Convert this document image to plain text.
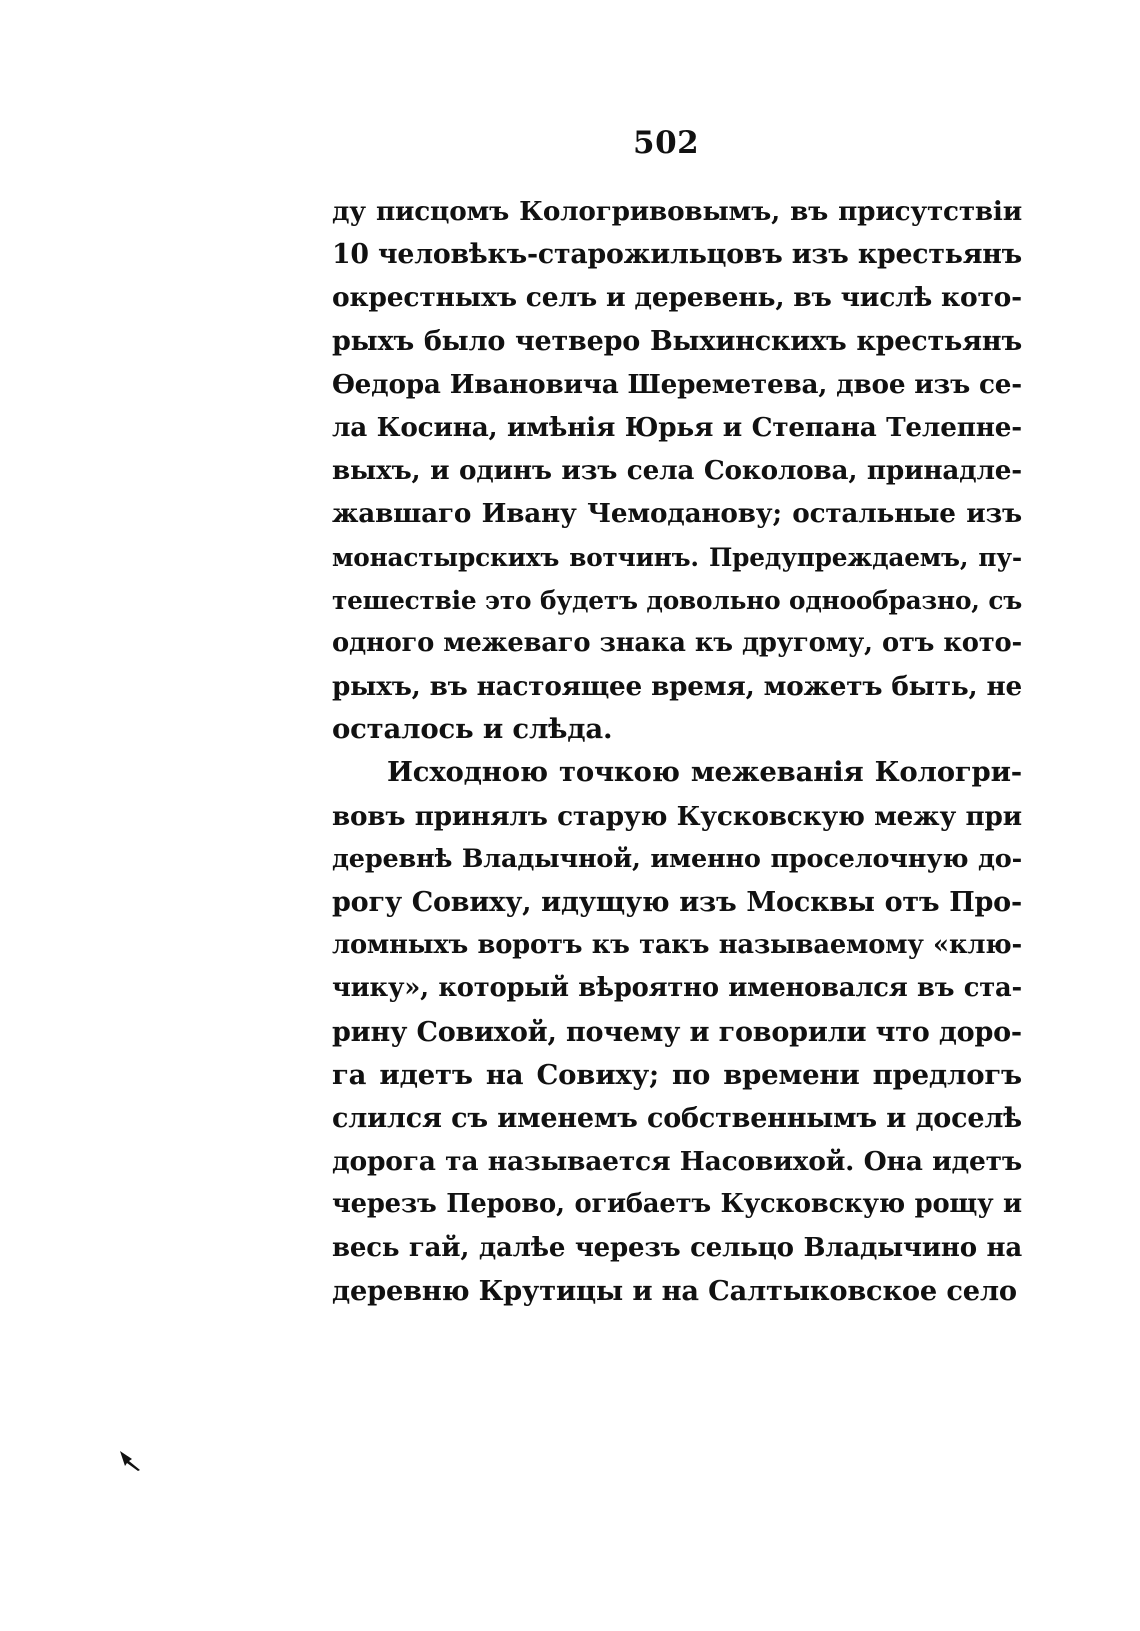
502
ду писцомъ Кологривовымъ, въ присутствіи
10 человѣкъ-старожильцовъ изъ крестьянъ
окрестныхъ селъ и деревень, въ числѣ кото-
рыхъ было четверо Выхинскихъ крестьянъ
Ѳедора Ивановича Шереметева, двое изъ се-
ла Косина, имѣнія Юрья и Степана Телепне-
выхъ, и одинъ изъ села Соколова, принадле-
жавшаго Ивану Чемоданову; остальные изъ
монастырскихъ вотчинъ. Предупреждаемъ, пу-
тешествіе это будетъ довольно однообразно, съ
одного межеваго знака къ другому, отъ кото-
рыхъ, въ настоящее время, можетъ быть, не
осталось и слѣда.
Исходною точкою межеванія Кологри-
вовъ принялъ старую Кусковскую межу при
деревнѣ Владычной, именно проселочную до-
рогу Совиху, идущую изъ Москвы отъ Про-
ломныхъ воротъ къ такъ называемому «клю-
чику», который вѣроятно именовался въ ста-
рину Совихой, почему и говорили что доро-
га идетъ на Совиху; по времени предлогъ
слился съ именемъ собственнымъ и доселѣ
дорога та называется Насовихой. Она идетъ
черезъ Перово, огибаетъ Кусковскую рощу и
весь гай, далѣе черезъ сельцо Владычино на
деревню Крутицы и на Салтыковское село
